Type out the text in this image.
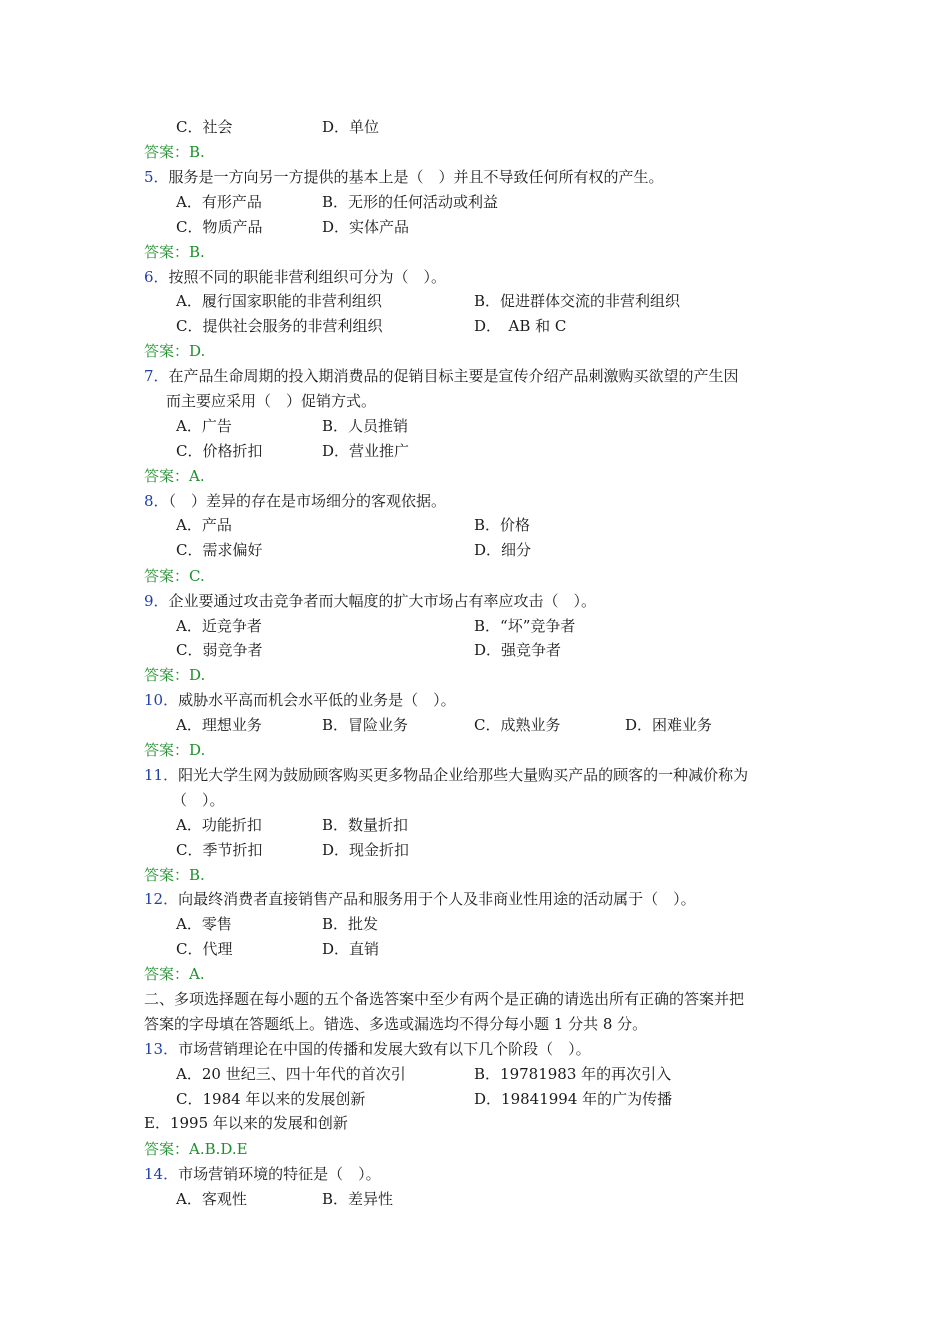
C．社会	D．单位
答案：B.
5．服务是一方向另一方提供的基本上是（　）并且不导致任何所有权的产生。
A．有形产品	B．无形的任何活动或利益
C．物质产品	D．实体产品
答案：B.
6．按照不同的职能非营利组织可分为（　）。
A．履行国家职能的非营利组织	B．促进群体交流的非营利组织
C．提供社会服务的非营利组织	D．　AB 和 C
答案：D.
7．在产品生命周期的投入期消费品的促销目标主要是宣传介绍产品刺激购买欲望的产生因
而主要应采用（　）促销方式。
A．广告	B．人员推销
C．价格折扣	D．营业推广
答案：A.
8．（　）差异的存在是市场细分的客观依据。
A．产品	B．价格
C．需求偏好	D．细分
答案：C.
9．企业要通过攻击竞争者而大幅度的扩大市场占有率应攻击（　）。
A．近竞争者	B．“坏”竞争者
C．弱竞争者	D．强竞争者
答案：D.
10．威胁水平高而机会水平低的业务是（　）。
A．理想业务	B．冒险业务	C．成熟业务	D．困难业务
答案：D.
11．阳光大学生网为鼓励顾客购买更多物品企业给那些大量购买产品的顾客的一种减价称为
（　）。
A．功能折扣	B．数量折扣
C．季节折扣	D．现金折扣
答案：B.
12．向最终消费者直接销售产品和服务用于个人及非商业性用途的活动属于（　）。
A．零售	B．批发
C．代理	D．直销
答案：A.
二、多项选择题在每小题的五个备选答案中至少有两个是正确的请选出所有正确的答案并把
答案的字母填在答题纸上。错选、多选或漏选均不得分每小题 1 分共 8 分。
13．市场营销理论在中国的传播和发展大致有以下几个阶段（　）。
A．20 世纪三、四十年代的首次引	B．19781983 年的再次引入
C．1984 年以来的发展创新	D．19841994 年的广为传播
E．1995 年以来的发展和创新
答案：A.B.D.E
14．市场营销环境的特征是（　）。
A．客观性	B．差异性
